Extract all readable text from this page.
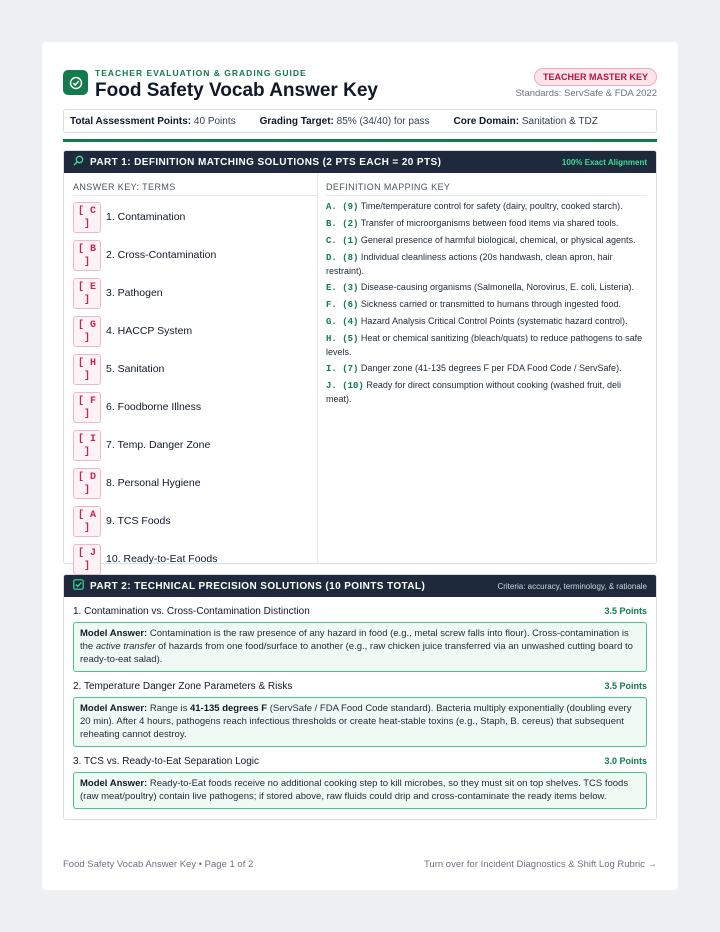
TEACHER EVALUATION & GRADING GUIDE
Food Safety Vocab Answer Key
TEACHER MASTER KEY
Standards: ServSafe & FDA 2022
Total Assessment Points: 40 Points Grading Target: 85% (34/40) for pass Core Domain: Sanitation & TDZ
PART 1: DEFINITION MATCHING SOLUTIONS (2 PTS EACH = 20 PTS)	100% Exact Alignment
ANSWER KEY: TERMS
[ C
]
1. Contamination
[ B
]
2. Cross-Contamination
[ E
]
3. Pathogen
[ G
]
4. HACCP System
[ H
]
5. Sanitation
[ F
]
6. Foodborne Illness
[ I
]
7. Temp. Danger Zone
[ D
]
8. Personal Hygiene
[ A
]
9. TCS Foods
[ J
]
10. Ready-to-Eat Foods
DEFINITION MAPPING KEY
A. (9) Time/temperature control for safety (dairy, poultry, cooked starch).
B. (2) Transfer of microorganisms between food items via shared tools.
C. (1) General presence of harmful biological, chemical, or physical agents.
D. (8) Individual cleanliness actions (20s handwash, clean apron, hair restraint).
E. (3) Disease-causing organisms (Salmonella, Norovirus, E. coli, Listeria).
F. (6) Sickness carried or transmitted to humans through ingested food.
G. (4) Hazard Analysis Critical Control Points (systematic hazard control).
H. (5) Heat or chemical sanitizing (bleach/quats) to reduce pathogens to safe levels.
I. (7) Danger zone (41-135 degrees F per FDA Food Code / ServSafe).
J. (10) Ready for direct consumption without cooking (washed fruit, deli meat).
PART 2: TECHNICAL PRECISION SOLUTIONS (10 POINTS TOTAL)	Criteria: accuracy, terminology, & rationale
1. Contamination vs. Cross-Contamination Distinction	3.5 Points
Model Answer: Contamination is the raw presence of any hazard in food (e.g., metal screw falls into flour). Cross-contamination is the active transfer of hazards from one food/surface to another (e.g., raw chicken juice transferred via an unwashed cutting board to ready-to-eat salad).
2. Temperature Danger Zone Parameters & Risks	3.5 Points
Model Answer: Range is 41-135 degrees F (ServSafe / FDA Food Code standard). Bacteria multiply exponentially (doubling every 20 min). After 4 hours, pathogens reach infectious thresholds or create heat-stable toxins (e.g., Staph, B. cereus) that subsequent reheating cannot destroy.
3. TCS vs. Ready-to-Eat Separation Logic	3.0 Points
Model Answer: Ready-to-Eat foods receive no additional cooking step to kill microbes, so they must sit on top shelves. TCS foods (raw meat/poultry) contain live pathogens; if stored above, raw fluids could drip and cross-contaminate the ready items below.
Food Safety Vocab Answer Key • Page 1 of 2	Turn over for Incident Diagnostics & Shift Log Rubric →
